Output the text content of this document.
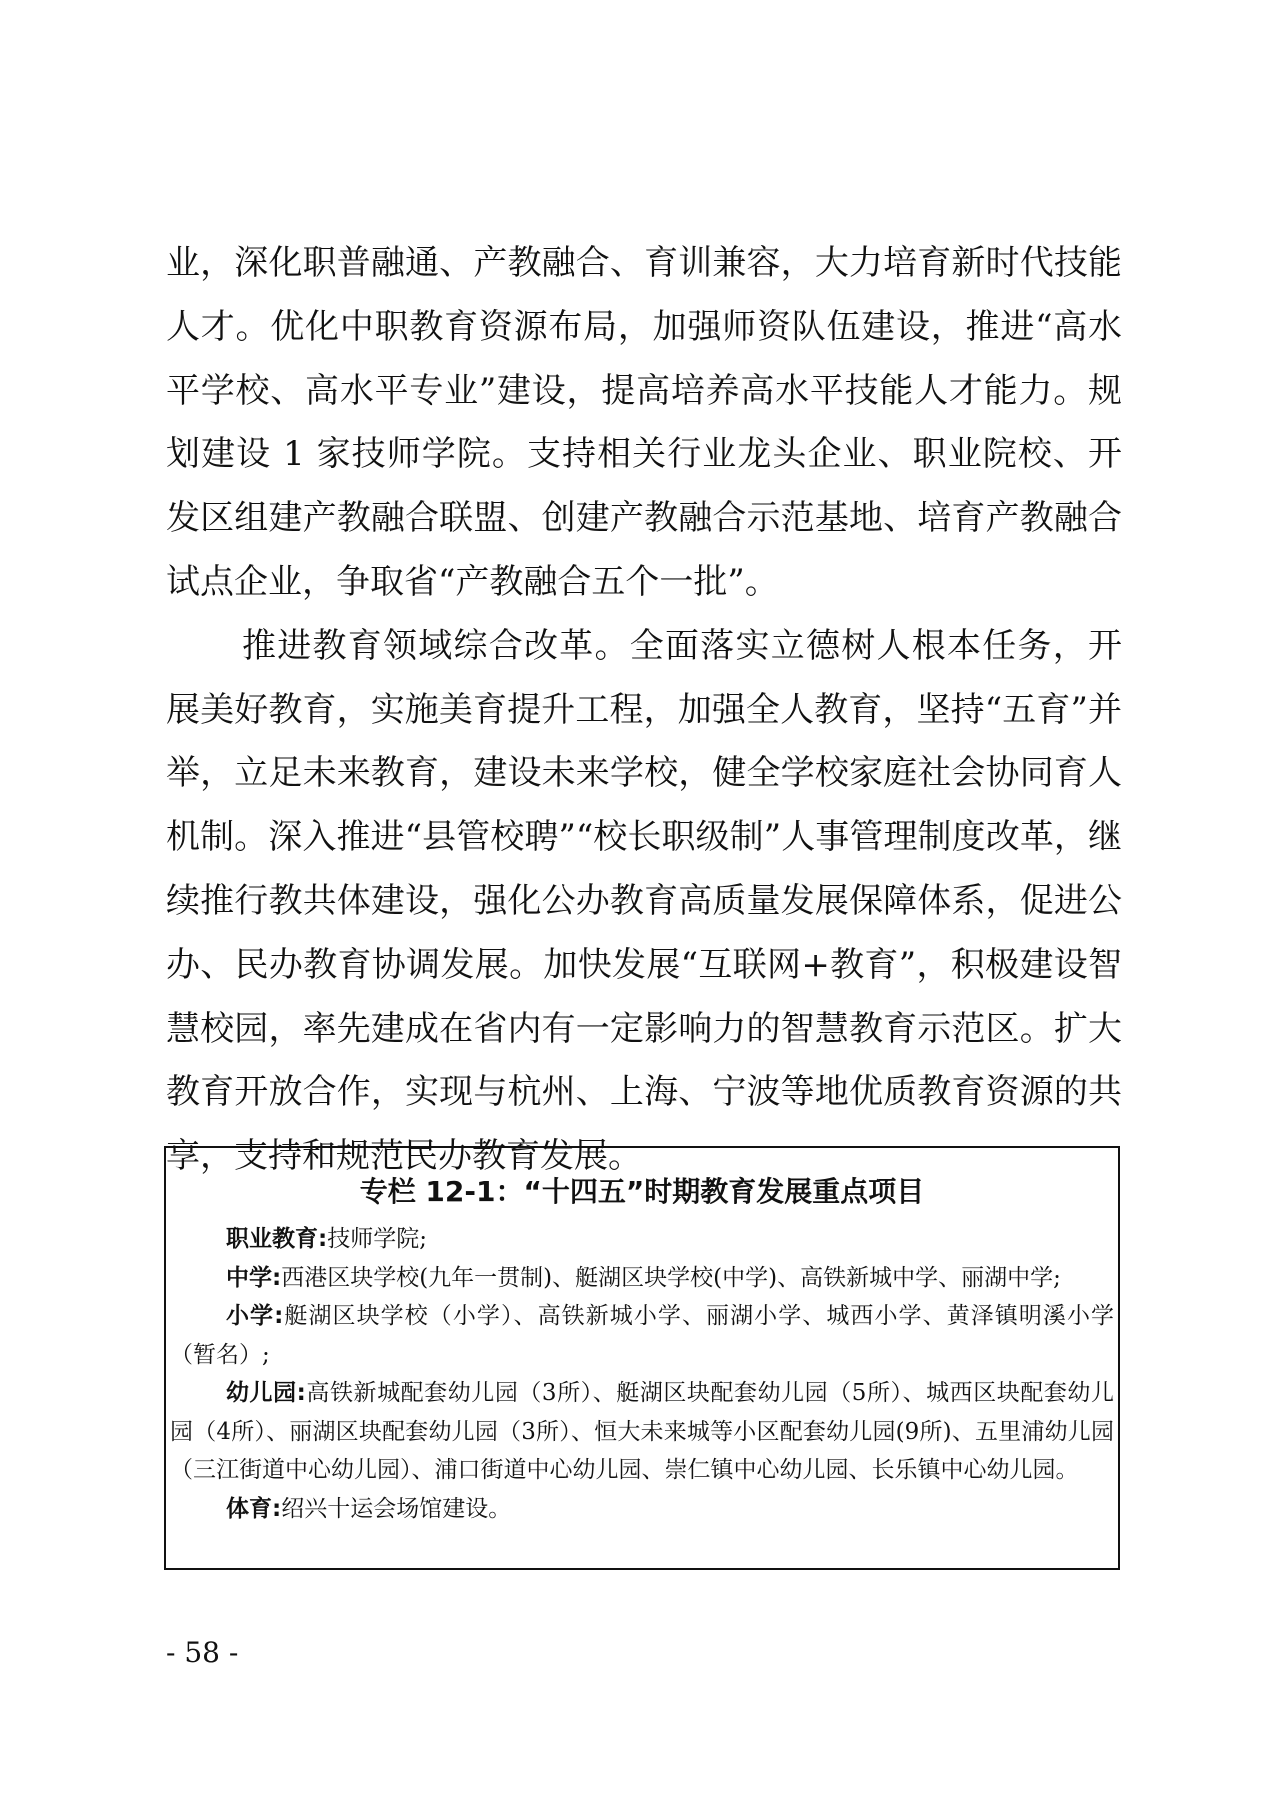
业，深化职普融通、产教融合、育训兼容，大力培育新时代技能人才。优化中职教育资源布局，加强师资队伍建设，推进“高水平学校、高水平专业”建设，提高培养高水平技能人才能力。规划建设 1 家技师学院。支持相关行业龙头企业、职业院校、开发区组建产教融合联盟、创建产教融合示范基地、培育产教融合试点企业，争取省“产教融合五个一批”。

推进教育领域综合改革。全面落实立德树人根本任务，开展美好教育，实施美育提升工程，加强全人教育，坚持“五育”并举，立足未来教育，建设未来学校，健全学校家庭社会协同育人机制。深入推进“县管校聘”“校长职级制”人事管理制度改革，继续推行教共体建设，强化公办教育高质量发展保障体系，促进公办、民办教育协调发展。加快发展“互联网+教育”，积极建设智慧校园，率先建成在省内有一定影响力的智慧教育示范区。扩大教育开放合作，实现与杭州、上海、宁波等地优质教育资源的共享，支持和规范民办教育发展。

专栏 12-1：“十四五”时期教育发展重点项目

职业教育:技师学院;

中学:西港区块学校(九年一贯制)、艇湖区块学校(中学)、高铁新城中学、丽湖中学;

小学:艇湖区块学校（小学）、高铁新城小学、丽湖小学、城西小学、黄泽镇明溪小学（暂名）;

幼儿园:高铁新城配套幼儿园（3所）、艇湖区块配套幼儿园（5所）、城西区块配套幼儿园（4所）、丽湖区块配套幼儿园（3所）、恒大未来城等小区配套幼儿园(9所)、五里浦幼儿园（三江街道中心幼儿园）、浦口街道中心幼儿园、崇仁镇中心幼儿园、长乐镇中心幼儿园。

体育:绍兴十运会场馆建设。

- 58 -
